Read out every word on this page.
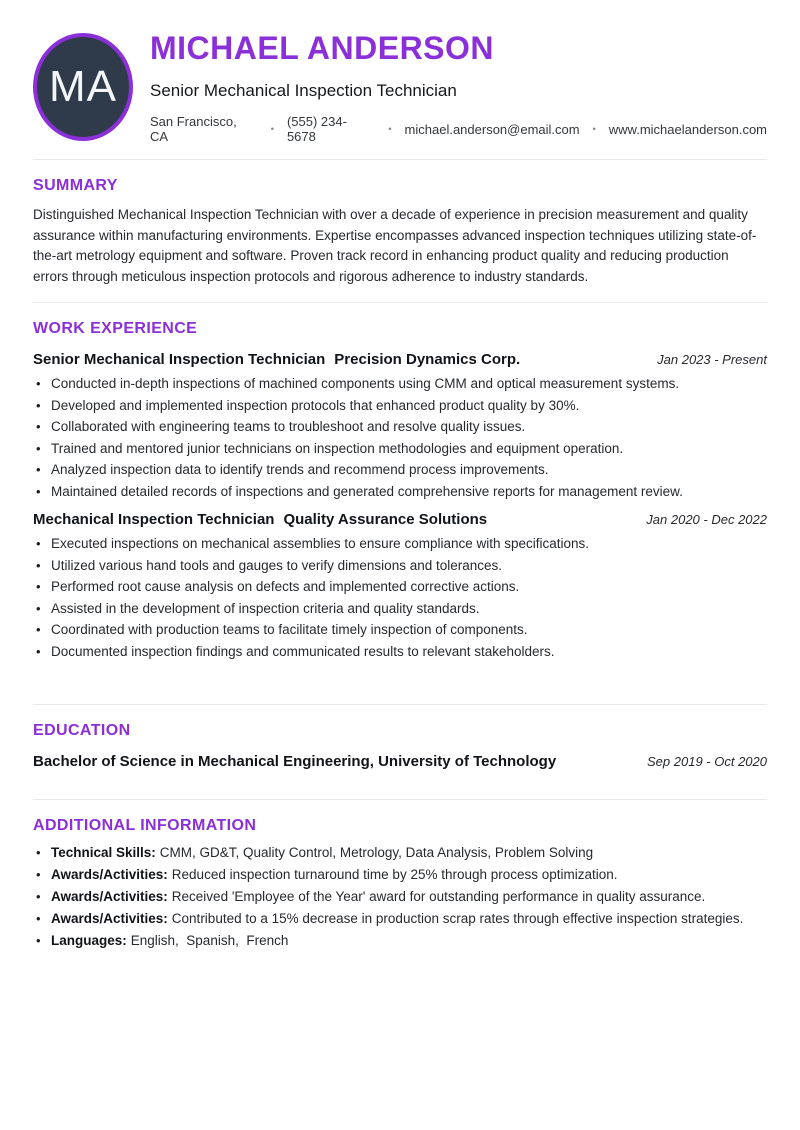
MA
MICHAEL ANDERSON
Senior Mechanical Inspection Technician
San Francisco, CA	• (555) 234-5678	• michael.anderson@email.com • www.michaelanderson.com
SUMMARY
Distinguished Mechanical Inspection Technician with over a decade of experience in precision measurement and quality assurance within manufacturing environments. Expertise encompasses advanced inspection techniques utilizing state-of-the-art metrology equipment and software. Proven track record in enhancing product quality and reducing production errors through meticulous inspection protocols and rigorous adherence to industry standards.
WORK EXPERIENCE
Senior Mechanical Inspection Technician Precision Dynamics Corp.	Jan 2023 - Present
• Conducted in-depth inspections of machined components using CMM and optical measurement systems.
• Developed and implemented inspection protocols that enhanced product quality by 30%.
• Collaborated with engineering teams to troubleshoot and resolve quality issues.
• Trained and mentored junior technicians on inspection methodologies and equipment operation.
• Analyzed inspection data to identify trends and recommend process improvements.
• Maintained detailed records of inspections and generated comprehensive reports for management review.
Mechanical Inspection Technician Quality Assurance Solutions	Jan 2020 - Dec 2022
• Executed inspections on mechanical assemblies to ensure compliance with specifications.
• Utilized various hand tools and gauges to verify dimensions and tolerances.
• Performed root cause analysis on defects and implemented corrective actions.
• Assisted in the development of inspection criteria and quality standards.
• Coordinated with production teams to facilitate timely inspection of components.
• Documented inspection findings and communicated results to relevant stakeholders.
EDUCATION
Bachelor of Science in Mechanical Engineering, University of Technology	Sep 2019 - Oct 2020
ADDITIONAL INFORMATION
• Technical Skills: CMM, GD&T, Quality Control, Metrology, Data Analysis, Problem Solving
• Awards/Activities: Reduced inspection turnaround time by 25% through process optimization.
• Awards/Activities: Received 'Employee of the Year' award for outstanding performance in quality assurance.
• Awards/Activities: Contributed to a 15% decrease in production scrap rates through effective inspection strategies.
• Languages: English,  Spanish,  French
